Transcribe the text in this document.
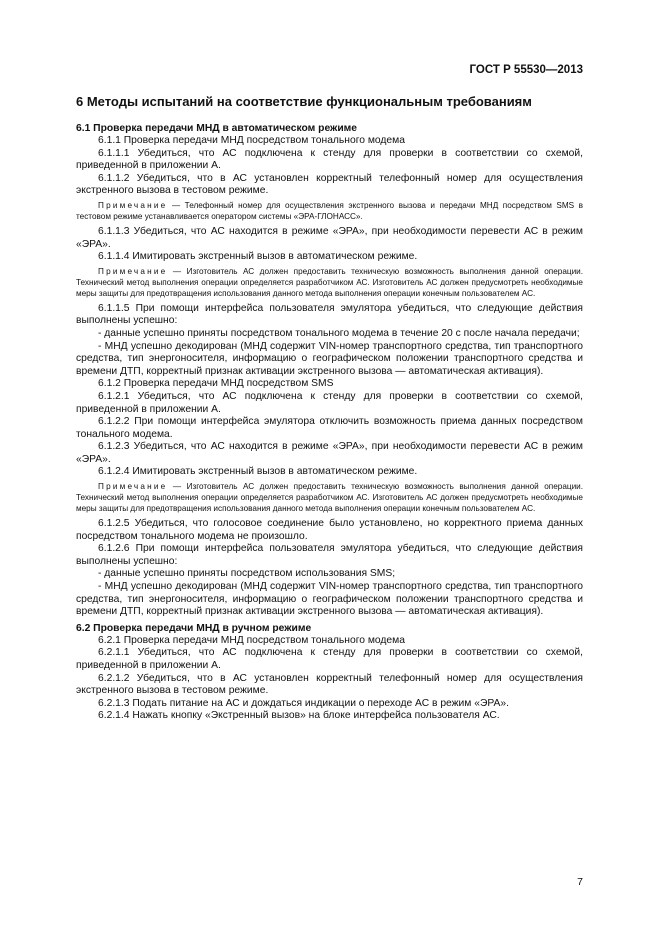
ГОСТ Р 55530—2013
6 Методы испытаний на соответствие функциональным требованиям
6.1 Проверка передачи МНД в автоматическом режиме

6.1.1 Проверка передачи МНД посредством тонального модема

6.1.1.1 Убедиться, что АС подключена к стенду для проверки в соответствии со схемой, приведенной в приложении А.

6.1.1.2 Убедиться, что в АС установлен корректный телефонный номер для осуществления экстренного вызова в тестовом режиме.

Примечание — Телефонный номер для осуществления экстренного вызова и передачи МНД посредством SMS в тестовом режиме устанавливается оператором системы «ЭРА-ГЛОНАСС».

6.1.1.3 Убедиться, что АС находится в режиме «ЭРА», при необходимости перевести АС в режим «ЭРА».

6.1.1.4 Имитировать экстренный вызов в автоматическом режиме.

Примечание — Изготовитель АС должен предоставить техническую возможность выполнения данной операции. Технический метод выполнения операции определяется разработчиком АС. Изготовитель АС должен предусмотреть необходимые меры защиты для предотвращения использования данного метода выполнения операции конечным пользователем АС.

6.1.1.5 При помощи интерфейса пользователя эмулятора убедиться, что следующие действия выполнены успешно:

- данные успешно приняты посредством тонального модема в течение 20 с после начала передачи;

- МНД успешно декодирован (МНД содержит VIN-номер транспортного средства, тип транспортного средства, тип энергоносителя, информацию о географическом положении транспортного средства и времени ДТП, корректный признак активации экстренного вызова — автоматическая активация).

6.1.2 Проверка передачи МНД посредством SMS

6.1.2.1 Убедиться, что АС подключена к стенду для проверки в соответствии со схемой, приведенной в приложении А.

6.1.2.2 При помощи интерфейса эмулятора отключить возможность приема данных посредством тонального модема.

6.1.2.3 Убедиться, что АС находится в режиме «ЭРА», при необходимости перевести АС в режим «ЭРА».

6.1.2.4 Имитировать экстренный вызов в автоматическом режиме.

Примечание — Изготовитель АС должен предоставить техническую возможность выполнения данной операции. Технический метод выполнения операции определяется разработчиком АС. Изготовитель АС должен предусмотреть необходимые меры защиты для предотвращения использования данного метода выполнения операции конечным пользователем АС.

6.1.2.5 Убедиться, что голосовое соединение было установлено, но корректного приема данных посредством тонального модема не произошло.

6.1.2.6 При помощи интерфейса пользователя эмулятора убедиться, что следующие действия выполнены успешно:

- данные успешно приняты посредством использования SMS;

- МНД успешно декодирован (МНД содержит VIN-номер транспортного средства, тип транспортного средства, тип энергоносителя, информацию о географическом положении транспортного средства и времени ДТП, корректный признак активации экстренного вызова — автоматическая активация).

6.2 Проверка передачи МНД в ручном режиме

6.2.1 Проверка передачи МНД посредством тонального модема

6.2.1.1 Убедиться, что АС подключена к стенду для проверки в соответствии со схемой, приведенной в приложении А.

6.2.1.2 Убедиться, что в АС установлен корректный телефонный номер для осуществления экстренного вызова в тестовом режиме.

6.2.1.3 Подать питание на АС и дождаться индикации о переходе АС в режим «ЭРА».

6.2.1.4 Нажать кнопку «Экстренный вызов» на блоке интерфейса пользователя АС.

7
